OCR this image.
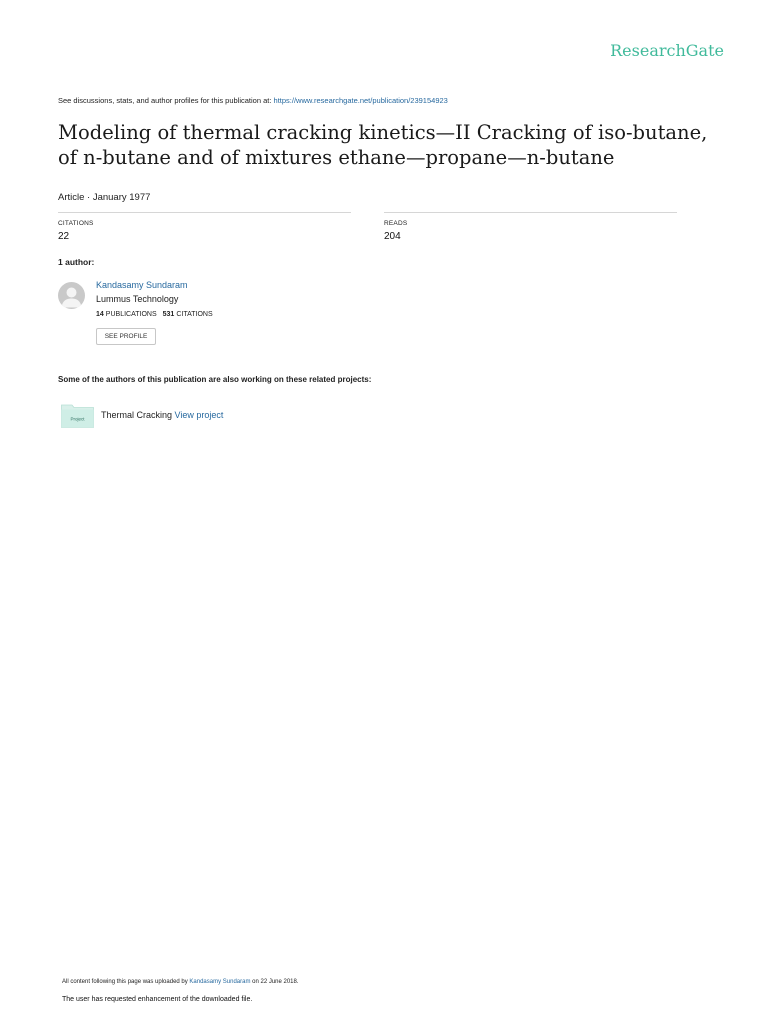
ResearchGate
See discussions, stats, and author profiles for this publication at: https://www.researchgate.net/publication/239154923
Modeling of thermal cracking kinetics—II Cracking of iso-butane, of n-butane and of mixtures ethane—propane—n-butane
Article · January 1977
CITATIONS
22
READS
204
1 author:
Kandasamy Sundaram
Lummus Technology
14 PUBLICATIONS 531 CITATIONS
SEE PROFILE
Some of the authors of this publication are also working on these related projects:
Project Thermal Cracking View project
All content following this page was uploaded by Kandasamy Sundaram on 22 June 2018.
The user has requested enhancement of the downloaded file.
